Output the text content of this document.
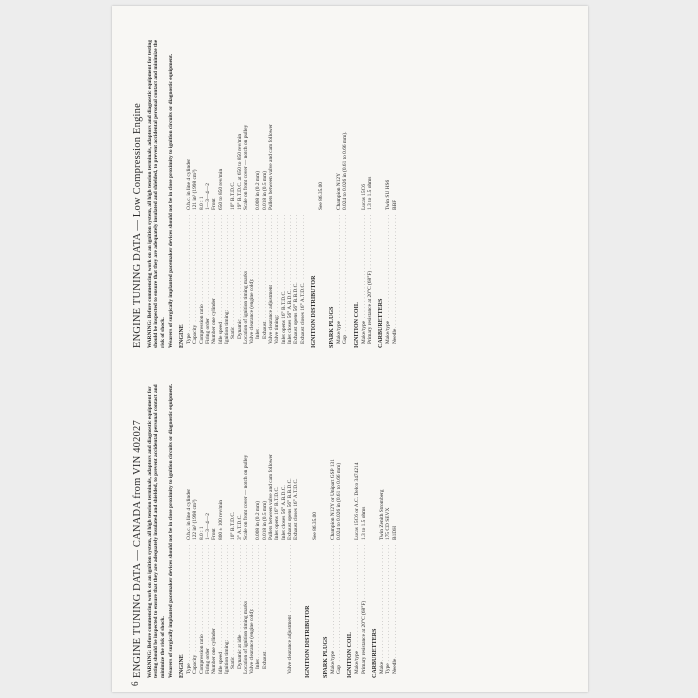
6
ENGINE TUNING DATA — CANADA from VIN 402027 WARNING: Before commencing work on an ignition system, all high tension terminals, adaptors and diagnostic equipment for testing should be inspected to ensure that they are adequately insulated and shielded, to prevent accidental personal contact and minimize the risk of shock. Wearers of surgically implanted pacemaker devices should not be in close proximity to ignition circuits or diagnostic equipment. ENGINE Type . . .
O.h.c. in line 4 cylinder
Capacity . . .
122 in³ (1998 cm³)
Compression ratio . . .
8.0 : 1
Firing order . . .
1—3—4—2
Number one cylinder . . .
Front
Idle speed . . .
800 ± 100 rev/min
Ignition timing: . . . Static . . .
10° B.T.D.C.
Dynamic at idle . . .
3° A.T.D.C.
Location of ignition timing marks . . .
Scale on front cover — notch on pulley
Valve clearance (engine cold): . . . Inlet . . .
0.008 in (0.2 mm)
Exhaust . . .
0.018 in (0.5 mm) Pallets between valve and cam follower Inlet opens 16° B.T.D.C. Inlet closes 56° A.B.D.C.
Valve clearance adjustment . . .
Exhaust opens 56° B.B.D.C. Exhaust closes 16° A.T.D.C.
IGNITION DISTRIBUTOR
See 86.35.00
SPARK PLUGS Make/type . . .
Champion N12Y or Unipart GSP 131
Gap . . .
0.024 to 0.026 in (0.61 to 0.66 mm)
IGNITION COIL Make/type . . .
Lucas 15C6 or A.C. Delco 3474214
Primary resistance at 20°C (68°F) . . .
1.3 to 1.5 ohms
CARBURETTERS Make . . .
Twin Zenith Stromberg
Type . . .
175 CD SEVX
Needle . . .
B1DH
ENGINE TUNING DATA — Low Compression Engine WARNING: Before commencing work on an ignition system, all high tension terminals, adaptors and diagnostic equipment for testing should be inspected to ensure that they are adequately insulated and shielded, to prevent accidental personal contact and minimize the risk of shock. Wearers of surgically implanted pacemaker devices should not be in close proximity to ignition circuits or diagnostic equipment. ENGINE Type . . .
O.h.c. in line 4 cylinder
Capacity . . .
121 in³ (1998 cm³)
Compression ratio . . .
8.0 : 1
Firing order . . .
1—3—4—2
Number one cylinder . . .
Front
Idle speed . . .
650 to 850 rev/min
Ignition timing: . . . Static . . .
10° B.T.D.C.
Dynamic . . .
19° B.T.D.C. at 650 to 850 rev/min
Location of ignition timing marks . . .
Scale on front cover — notch on pulley
Valve clearance (engine cold): . . . Inlet . . .
0.008 in (0.2 mm)
Exhaust . . .
0.018 in (0.5 mm)
Valve clearance adjustment . . .
Pallets between valve and cam follower
Valve timing: . . . Inlet opens 16° B.T.D.C. . . . Inlet closes 56° A.B.D.C. . . . Exhaust opens 56° B.B.D.C. . . . Exhaust closes 16° A.T.D.C. . . . IGNITION DISTRIBUTOR
See 86.35.00
SPARK PLUGS Make/type . . .
Champion N12Y
Gap . . .
0.024 to 0.026 in (0.61 to 0.66 mm).
IGNITION COIL Make/type . . .
Lucas 15C6
Primary resistance at 20°C (68°F) . . .
1.3 to 1.5 ohms
CARBURETTERS Make/type . . .
Twin SU HS6
Needle . . .
BBF
